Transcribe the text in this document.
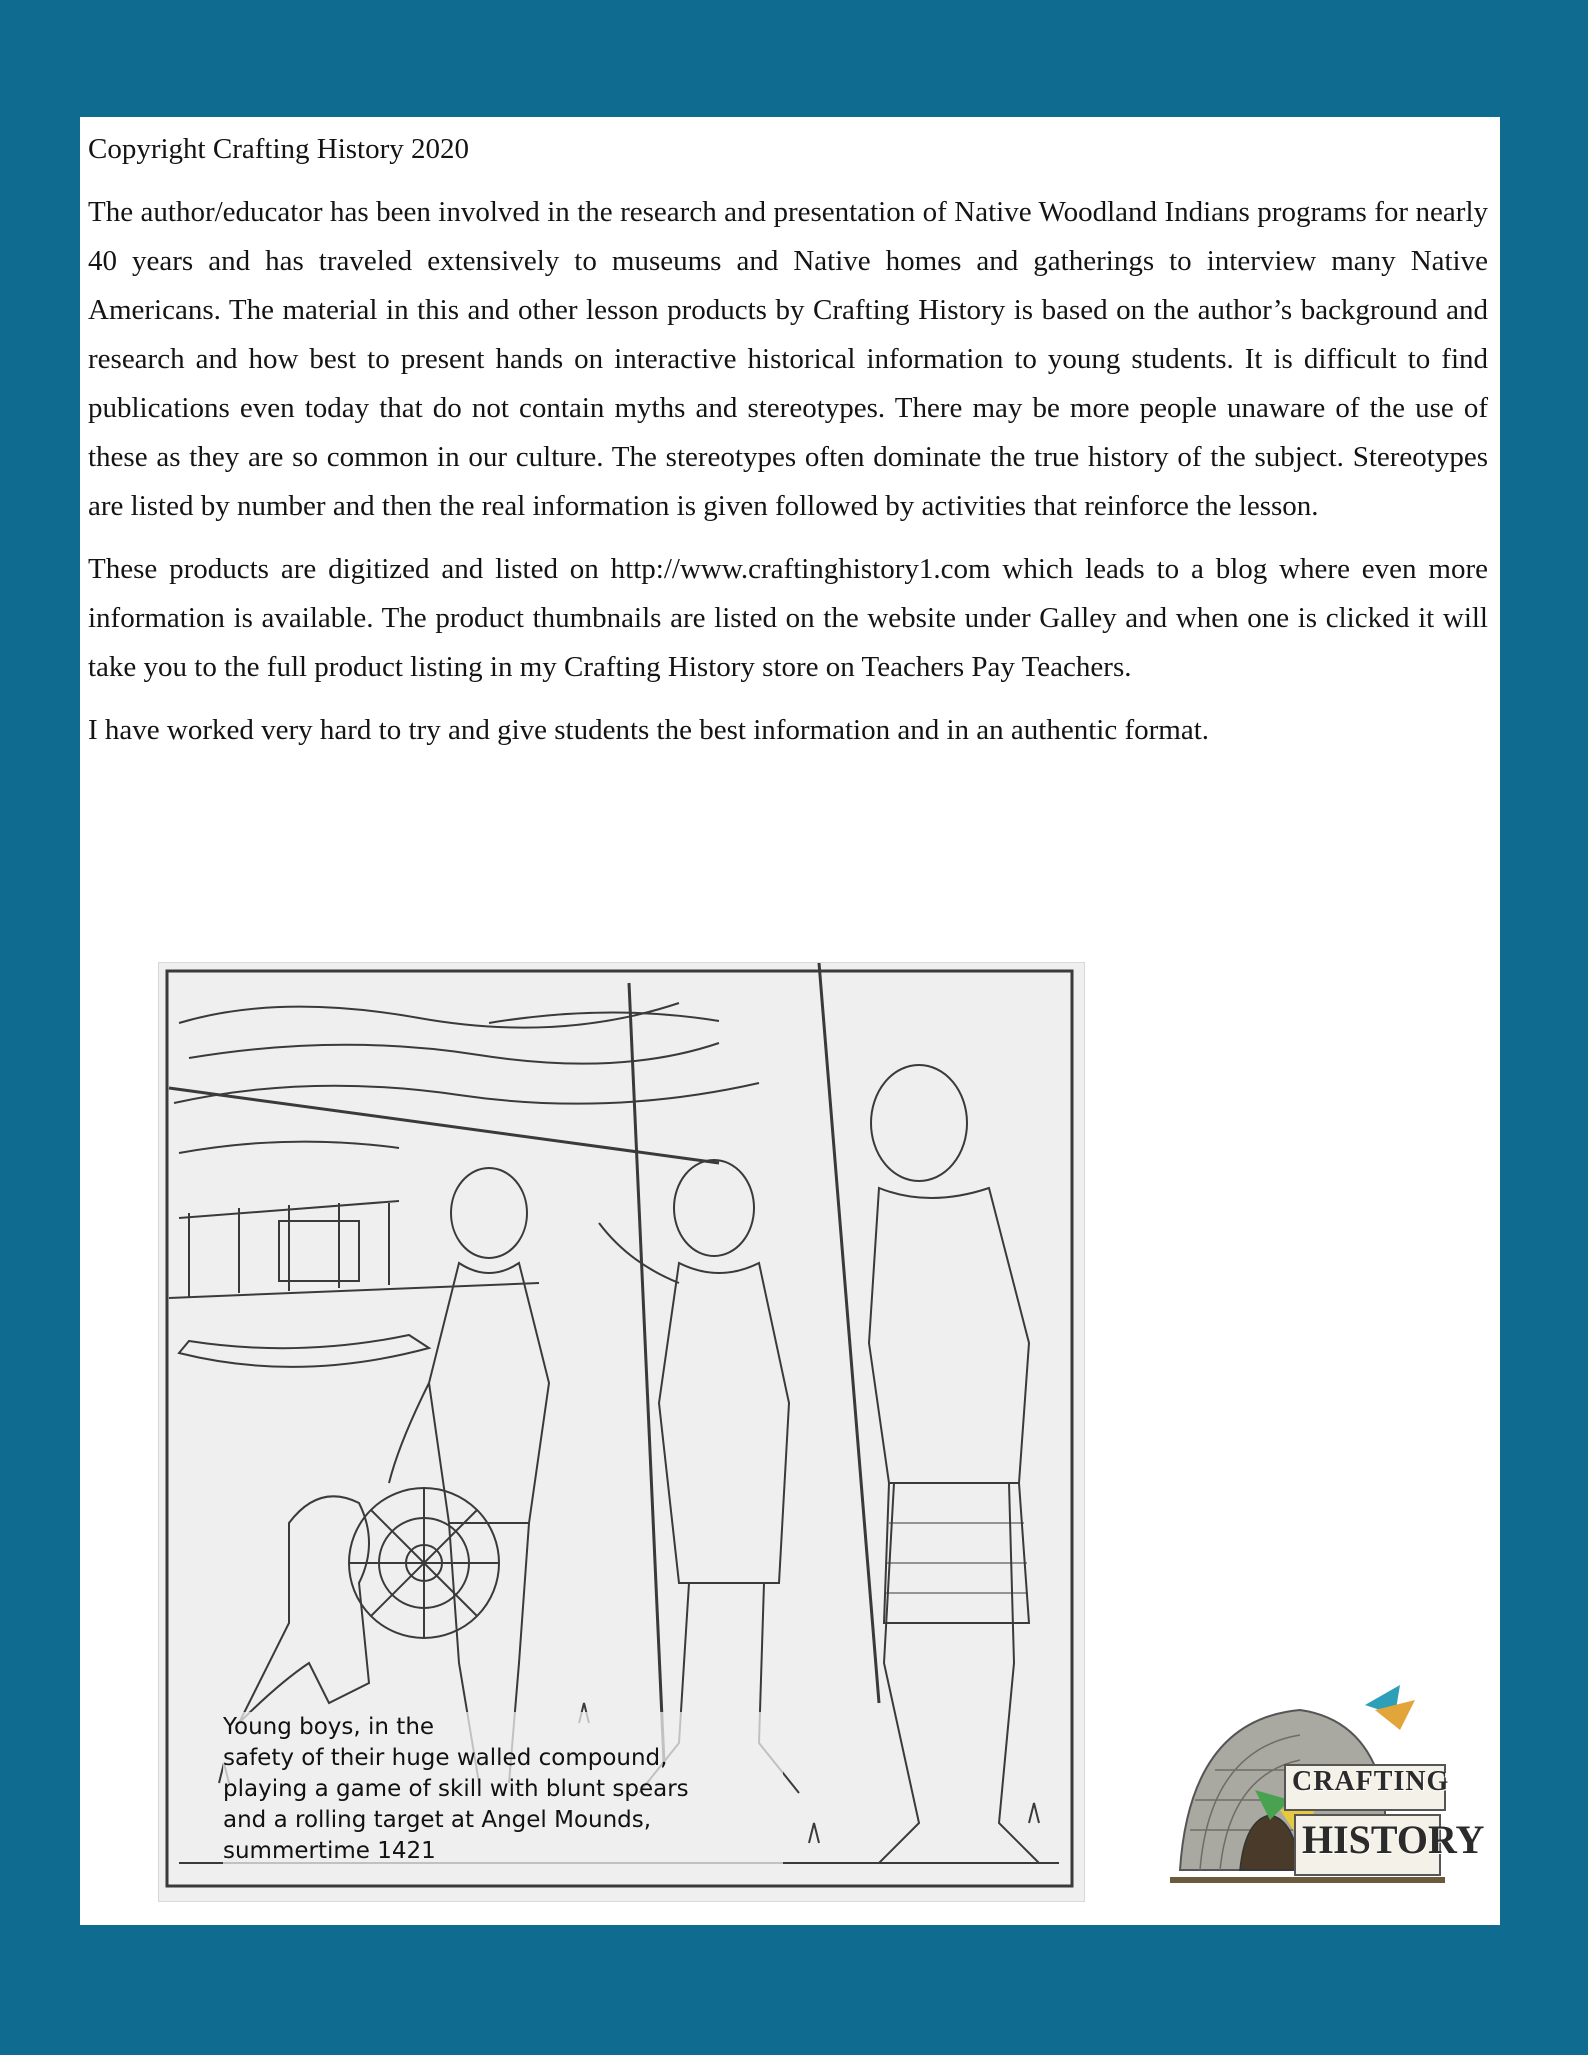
Copyright Crafting History 2020

The author/educator has been involved in the research and presentation of Native Woodland Indians programs for nearly 40 years and has traveled extensively to museums and Native homes and gatherings to interview many Native Americans. The material in this and other lesson products by Crafting History is based on the author’s background and research and how best to present hands on interactive historical information to young students. It is difficult to find publications even today that do not contain myths and stereotypes. There may be more people unaware of the use of these as they are so common in our culture. The stereotypes often dominate the true history of the subject. Stereotypes are listed by number and then the real information is given followed by activities that reinforce the lesson.

These products are digitized and listed on http://www.craftinghistory1.com which leads to a blog where even more information is available. The product thumbnails are listed on the website under Galley and when one is clicked it will take you to the full product listing in my Crafting History store on Teachers Pay Teachers.

I have worked very hard to try and give students the best information and in an authentic format.

Young boys, in the
safety of their huge walled compound,
playing a game of skill with blunt spears
and a rolling target at Angel Mounds,
summertime 1421
CRAFTING
HISTORY
